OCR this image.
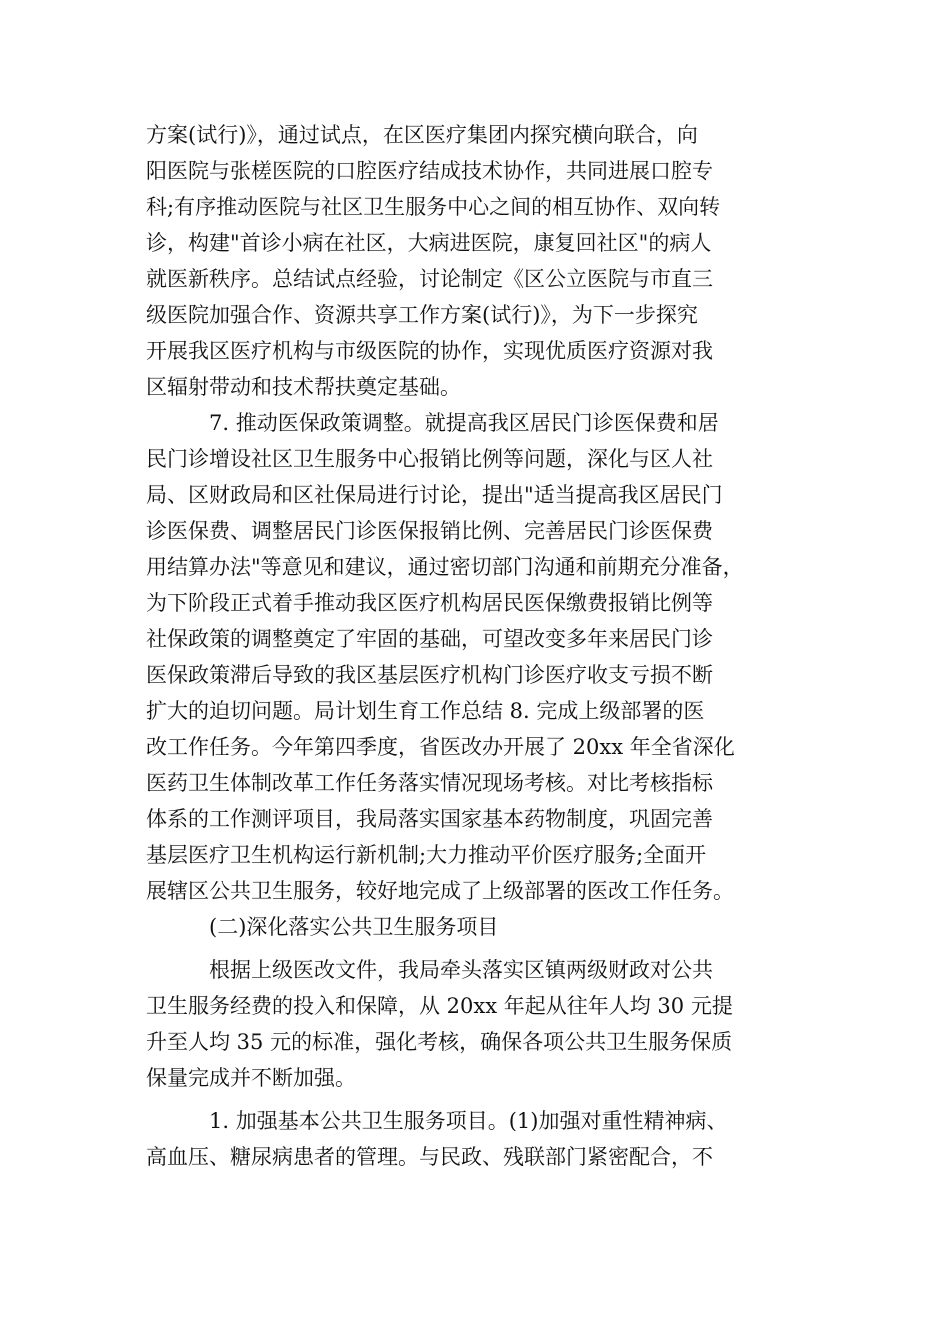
方案(试行)》，通过试点，在区医疗集团内探究横向联合，向
阳医院与张槎医院的口腔医疗结成技术协作，共同进展口腔专
科;有序推动医院与社区卫生服务中心之间的相互协作、双向转
诊，构建"首诊小病在社区，大病进医院，康复回社区"的病人
就医新秩序。总结试点经验，讨论制定《区公立医院与市直三
级医院加强合作、资源共享工作方案(试行)》，为下一步探究
开展我区医疗机构与市级医院的协作，实现优质医疗资源对我
区辐射带动和技术帮扶奠定基础。
　　　7. 推动医保政策调整。就提高我区居民门诊医保费和居
民门诊增设社区卫生服务中心报销比例等问题，深化与区人社
局、区财政局和区社保局进行讨论，提出"适当提高我区居民门
诊医保费、调整居民门诊医保报销比例、完善居民门诊医保费
用结算办法"等意见和建议，通过密切部门沟通和前期充分准备，
为下阶段正式着手推动我区医疗机构居民医保缴费报销比例等
社保政策的调整奠定了牢固的基础，可望改变多年来居民门诊
医保政策滞后导致的我区基层医疗机构门诊医疗收支亏损不断
扩大的迫切问题。局计划生育工作总结 8. 完成上级部署的医
改工作任务。今年第四季度，省医改办开展了 20xx 年全省深化
医药卫生体制改革工作任务落实情况现场考核。对比考核指标
体系的工作测评项目，我局落实国家基本药物制度，巩固完善
基层医疗卫生机构运行新机制;大力推动平价医疗服务;全面开
展辖区公共卫生服务，较好地完成了上级部署的医改工作任务。
　　　(二)深化落实公共卫生服务项目
　　　根据上级医改文件，我局牵头落实区镇两级财政对公共
卫生服务经费的投入和保障，从 20xx 年起从往年人均 30 元提
升至人均 35 元的标准，强化考核，确保各项公共卫生服务保质
保量完成并不断加强。
　　　1. 加强基本公共卫生服务项目。(1)加强对重性精神病、
高血压、糖尿病患者的管理。与民政、残联部门紧密配合，不
